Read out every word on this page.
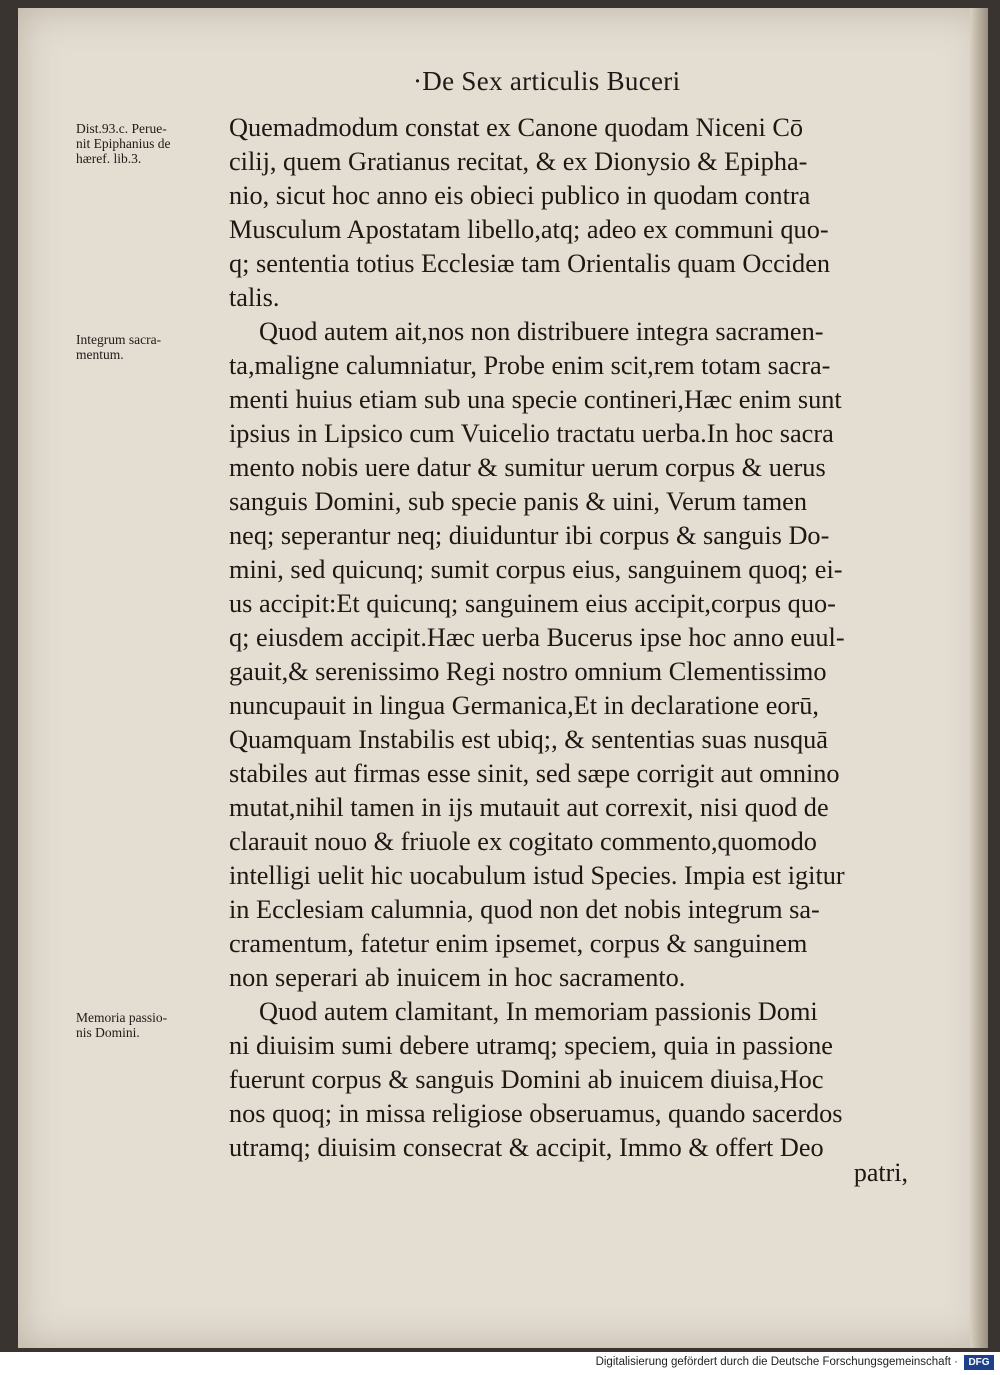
·De Sex articulis Buceri
Dist.93.c. Perue-
nit Epiphanius de
hæref. lib.3.
Integrum sacra-
mentum.
Memoria passio-
nis Domini.
Quemadmodum constat ex Canone quodam Niceni Cō
cilij, quem Gratianus recitat, & ex Dionysio & Epipha-
nio, sicut hoc anno eis obieci publico in quodam contra
Musculum Apostatam libello,atq; adeo ex communi quo-
q; sententia totius Ecclesiæ tam Orientalis quam Occiden
talis.
Quod autem ait,nos non distribuere integra sacramen-
ta,maligne calumniatur, Probe enim scit,rem totam sacra-
menti huius etiam sub una specie contineri,Hæc enim sunt
ipsius in Lipsico cum Vuicelio tractatu uerba.In hoc sacra
mento nobis uere datur & sumitur uerum corpus & uerus
sanguis Domini, sub specie panis & uini, Verum tamen
neq; seperantur neq; diuiduntur ibi corpus & sanguis Do-
mini, sed quicunq; sumit corpus eius, sanguinem quoq; ei-
us accipit:Et quicunq; sanguinem eius accipit,corpus quo-
q; eiusdem accipit.Hæc uerba Bucerus ipse hoc anno euul-
gauit,& serenissimo Regi nostro omnium Clementissimo
nuncupauit in lingua Germanica,Et in declaratione eorū,
Quamquam Instabilis est ubiq;, & sententias suas nusquā
stabiles aut firmas esse sinit, sed sæpe corrigit aut omnino
mutat,nihil tamen in ijs mutauit aut correxit, nisi quod de
clarauit nouo & friuole ex cogitato commento,quomodo
intelligi uelit hic uocabulum istud Species. Impia est igitur
in Ecclesiam calumnia, quod non det nobis integrum sa-
cramentum, fatetur enim ipsemet, corpus & sanguinem
non seperari ab inuicem in hoc sacramento.
Quod autem clamitant, In memoriam passionis Domi
ni diuisim sumi debere utramq; speciem, quia in passione
fuerunt corpus & sanguis Domini ab inuicem diuisa,Hoc
nos quoq; in missa religiose obseruamus, quando sacerdos
utramq; diuisim consecrat & accipit, Immo & offert Deo
patri,
Digitalisierung gefördert durch die Deutsche Forschungsgemeinschaft ·	DFG
